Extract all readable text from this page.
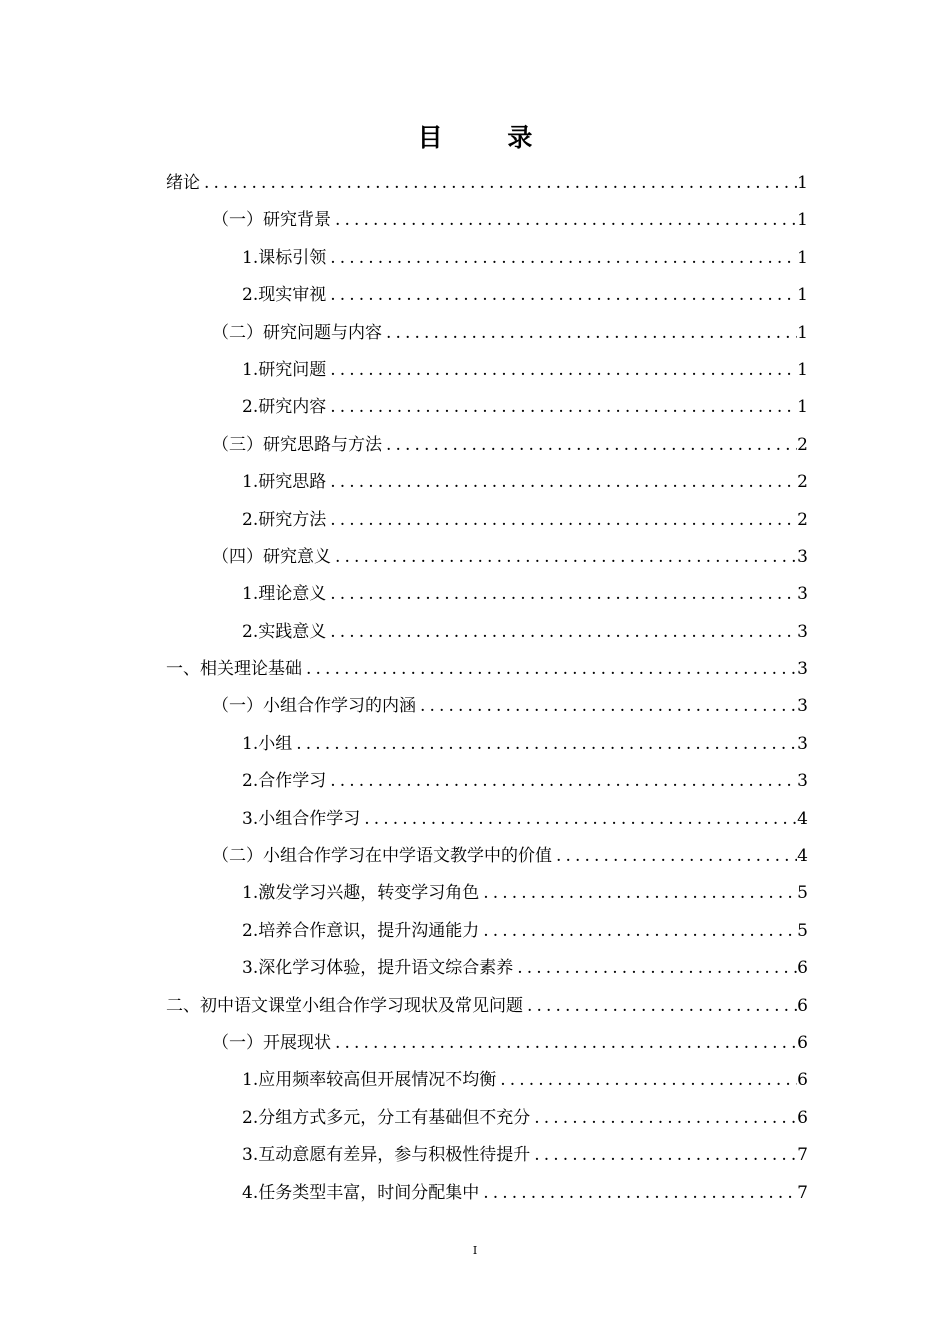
目 录
绪论 .....	1
（一）研究背景 .....	1
1.课标引领 .....	1
2.现实审视 .....	1
（二）研究问题与内容 .....	1
1.研究问题 .....	1
2.研究内容 .....	1
（三）研究思路与方法 .....	2
1.研究思路 .....	2
2.研究方法 .....	2
（四）研究意义 .....	3
1.理论意义 .....	3
2.实践意义 .....	3
一、相关理论基础 .....	3
（一）小组合作学习的内涵 .....	3
1.小组 .....	3
2.合作学习 .....	3
3.小组合作学习 .....	4
（二）小组合作学习在中学语文教学中的价值 .....	4
1.激发学习兴趣，转变学习角色 .....	5
2.培养合作意识，提升沟通能力 .....	5
3.深化学习体验，提升语文综合素养 .....	6
二、初中语文课堂小组合作学习现状及常见问题 .....	6
（一）开展现状 .....	6
1.应用频率较高但开展情况不均衡 .....	6
2.分组方式多元，分工有基础但不充分 .....	6
3.互动意愿有差异，参与积极性待提升 .....	7
4.任务类型丰富，时间分配集中 .....	7
I
